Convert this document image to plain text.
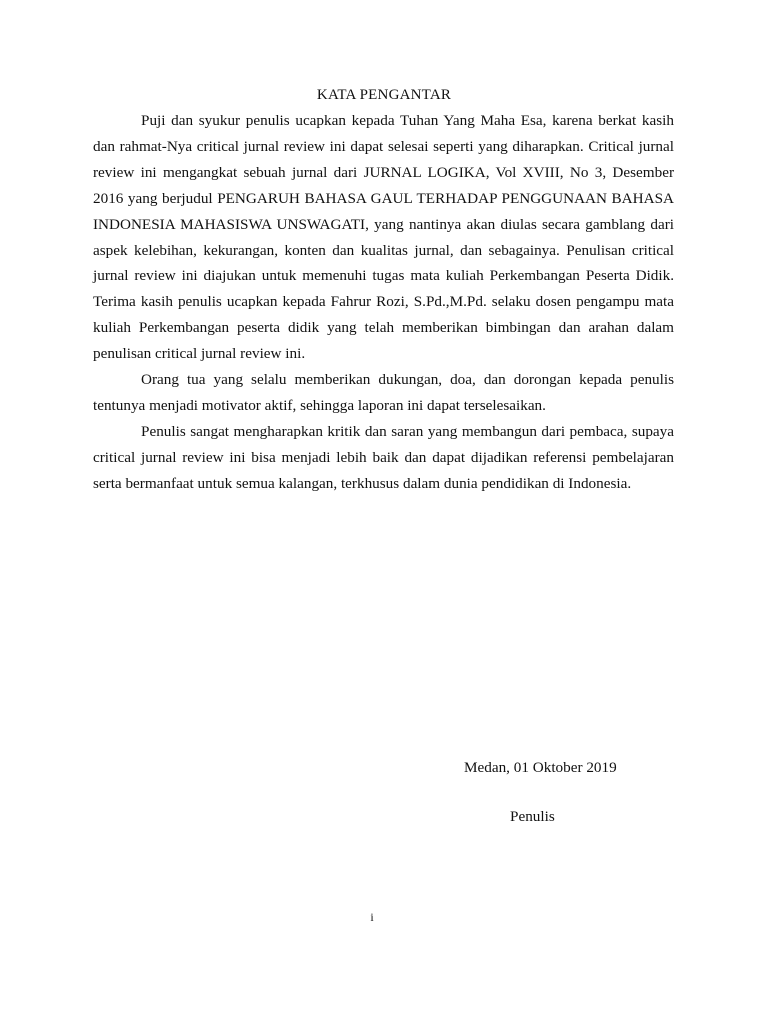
KATA PENGANTAR

Puji dan syukur penulis ucapkan kepada Tuhan Yang Maha Esa, karena berkat kasih dan rahmat-Nya critical jurnal review ini dapat selesai seperti yang diharapkan. Critical jurnal review ini mengangkat sebuah jurnal dari JURNAL LOGIKA, Vol XVIII, No 3, Desember 2016 yang berjudul PENGARUH BAHASA GAUL TERHADAP PENGGUNAAN BAHASA INDONESIA MAHASISWA UNSWAGATI, yang nantinya akan diulas secara gamblang dari aspek kelebihan, kekurangan, konten dan kualitas jurnal, dan sebagainya. Penulisan critical jurnal review ini diajukan untuk memenuhi tugas mata kuliah Perkembangan Peserta Didik. Terima kasih penulis ucapkan kepada Fahrur Rozi, S.Pd.,M.Pd. selaku dosen pengampu mata kuliah Perkembangan peserta didik yang telah memberikan bimbingan dan arahan dalam penulisan critical jurnal review ini.

Orang tua yang selalu memberikan dukungan, doa, dan dorongan kepada penulis tentunya menjadi motivator aktif, sehingga laporan ini dapat terselesaikan.

Penulis sangat mengharapkan kritik dan saran yang membangun dari pembaca, supaya critical jurnal review ini bisa menjadi lebih baik dan dapat dijadikan referensi pembelajaran serta bermanfaat untuk semua kalangan, terkhusus dalam dunia pendidikan di Indonesia.

Medan, 01 Oktober 2019
Penulis
i
